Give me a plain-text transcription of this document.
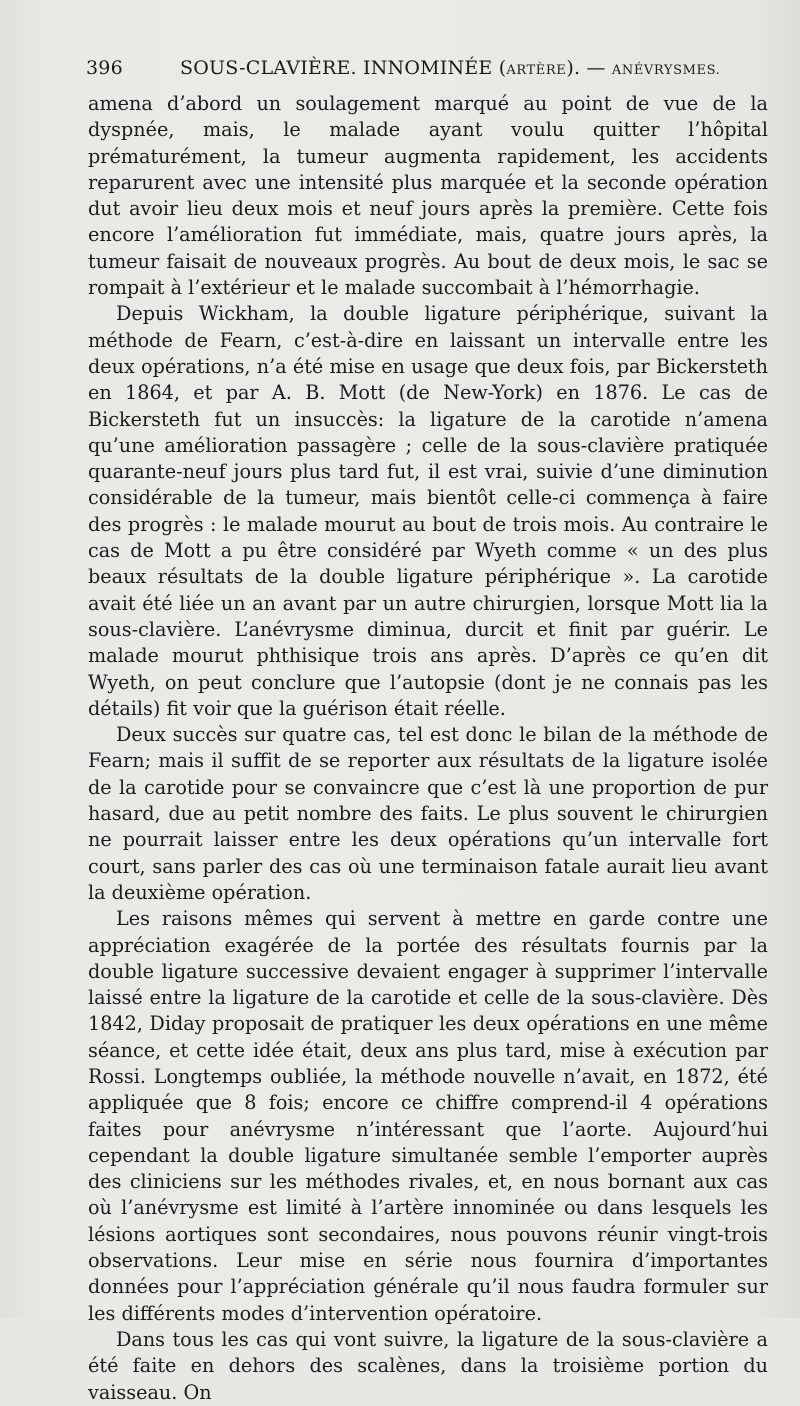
396	SOUS-CLAVIÈRE. INNOMINÉE (ARTÈRE). — ANÉVRYSMES.

amena d’abord un soulagement marqué au point de vue de la dyspnée, mais, le malade ayant voulu quitter l’hôpital prématurément, la tumeur augmenta rapidement, les accidents reparurent avec une intensité plus marquée et la seconde opération dut avoir lieu deux mois et neuf jours après la première. Cette fois encore l’amélioration fut immédiate, mais, quatre jours après, la tumeur faisait de nouveaux progrès. Au bout de deux mois, le sac se rompait à l’extérieur et le malade succombait à l’hémorrhagie.

Depuis Wickham, la double ligature périphérique, suivant la méthode de Fearn, c’est-à-dire en laissant un intervalle entre les deux opérations, n’a été mise en usage que deux fois, par Bickersteth en 1864, et par A. B. Mott (de New-York) en 1876. Le cas de Bickersteth fut un insuccès: la ligature de la carotide n’amena qu’une amélioration passagère ; celle de la sous-clavière pratiquée quarante-neuf jours plus tard fut, il est vrai, suivie d’une diminution considérable de la tumeur, mais bientôt celle-ci commença à faire des progrès : le malade mourut au bout de trois mois. Au contraire le cas de Mott a pu être considéré par Wyeth comme « un des plus beaux résultats de la double ligature périphérique ». La carotide avait été liée un an avant par un autre chirurgien, lorsque Mott lia la sous-clavière. L’anévrysme diminua, durcit et finit par guérir. Le malade mourut phthisique trois ans après. D’après ce qu’en dit Wyeth, on peut conclure que l’autopsie (dont je ne connais pas les détails) fit voir que la guérison était réelle.

Deux succès sur quatre cas, tel est donc le bilan de la méthode de Fearn; mais il suffit de se reporter aux résultats de la ligature isolée de la carotide pour se convaincre que c’est là une proportion de pur hasard, due au petit nombre des faits. Le plus souvent le chirurgien ne pourrait laisser entre les deux opérations qu’un intervalle fort court, sans parler des cas où une terminaison fatale aurait lieu avant la deuxième opération.

Les raisons mêmes qui servent à mettre en garde contre une appréciation exagérée de la portée des résultats fournis par la double ligature successive devaient engager à supprimer l’intervalle laissé entre la ligature de la carotide et celle de la sous-clavière. Dès 1842, Diday proposait de pratiquer les deux opérations en une même séance, et cette idée était, deux ans plus tard, mise à exécution par Rossi. Longtemps oubliée, la méthode nouvelle n’avait, en 1872, été appliquée que 8 fois; encore ce chiffre comprend-il 4 opérations faites pour anévrysme n’intéressant que l’aorte. Aujourd’hui cependant la double ligature simultanée semble l’emporter auprès des cliniciens sur les méthodes rivales, et, en nous bornant aux cas où l’anévrysme est limité à l’artère innominée ou dans lesquels les lésions aortiques sont secondaires, nous pouvons réunir vingt-trois observations. Leur mise en série nous fournira d’importantes données pour l’appréciation générale qu’il nous faudra formuler sur les différents modes d’intervention opératoire.

Dans tous les cas qui vont suivre, la ligature de la sous-clavière a été faite en dehors des scalènes, dans la troisième portion du vaisseau. On
